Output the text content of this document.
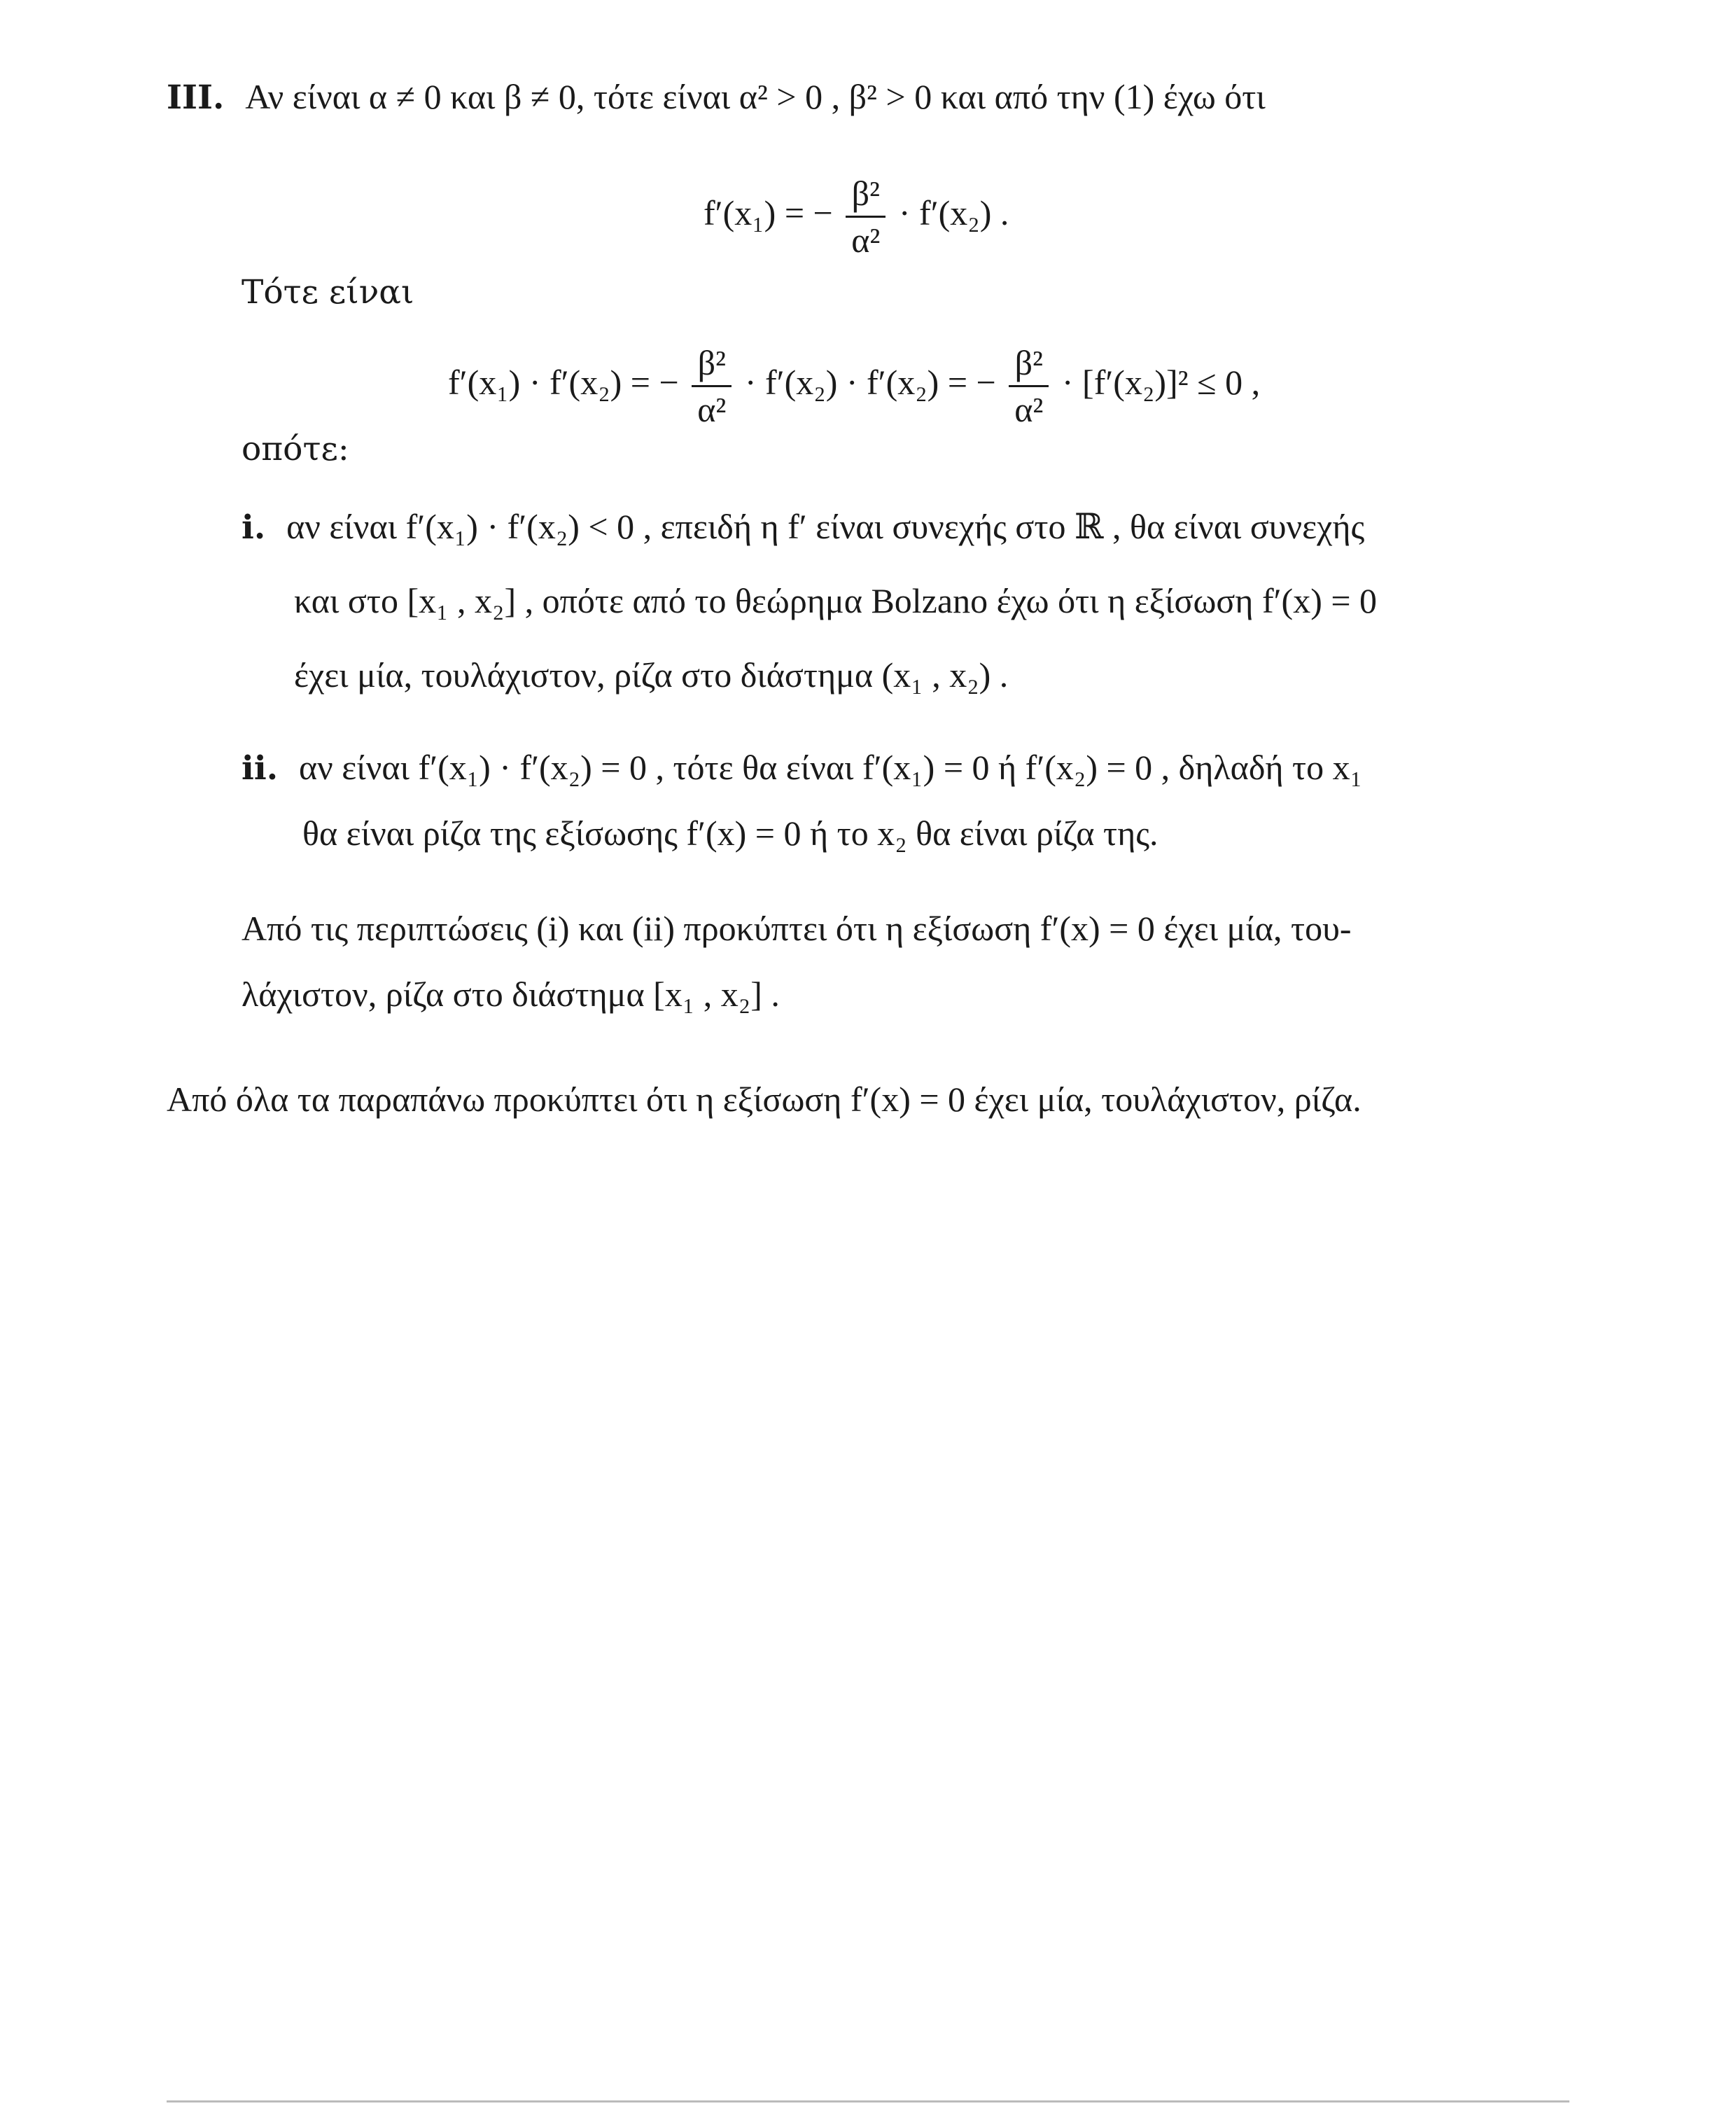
III. Αν είναι α ≠ 0 και β ≠ 0, τότε είναι α² > 0 , β² > 0 και από την (1) έχω ότι
f′(x₁) = − $\frac{\text{β²}}{\text{α²}} \cdot f'(x_2)$ .
Τότε είναι
f′(x₁) · f′(x₂) = − $\frac{\text{β²}}{\text{α²}} \cdot f'(x_2) \cdot f'(x_2)$ = − $\frac{\text{β²}}{\text{α²}} \cdot [f'(x_2)]^2 \le 0$ ,
οπότε:
i. αν είναι f′(x₁) · f′(x₂) < 0 , επειδή η f′ είναι συνεχής στο ℝ , θα είναι συνεχής
και στο [x₁ , x₂] , οπότε από το θεώρημα Bolzano έχω ότι η εξίσωση f′(x) = 0
έχει μία, τουλάχιστον, ρίζα στο διάστημα (x₁ , x₂) .
ii. αν είναι f′(x₁) · f′(x₂) = 0 , τότε θα είναι f′(x₁) = 0 ή f′(x₂) = 0 , δηλαδή το x₁
θα είναι ρίζα της εξίσωσης f′(x) = 0 ή το x₂ θα είναι ρίζα της.
Από τις περιπτώσεις (i) και (ii) προκύπτει ότι η εξίσωση f′(x) = 0 έχει μία, του-
λάχιστον, ρίζα στο διάστημα [x₁ , x₂] .
Από όλα τα παραπάνω προκύπτει ότι η εξίσωση f′(x) = 0 έχει μία, τουλάχιστον, ρίζα.
